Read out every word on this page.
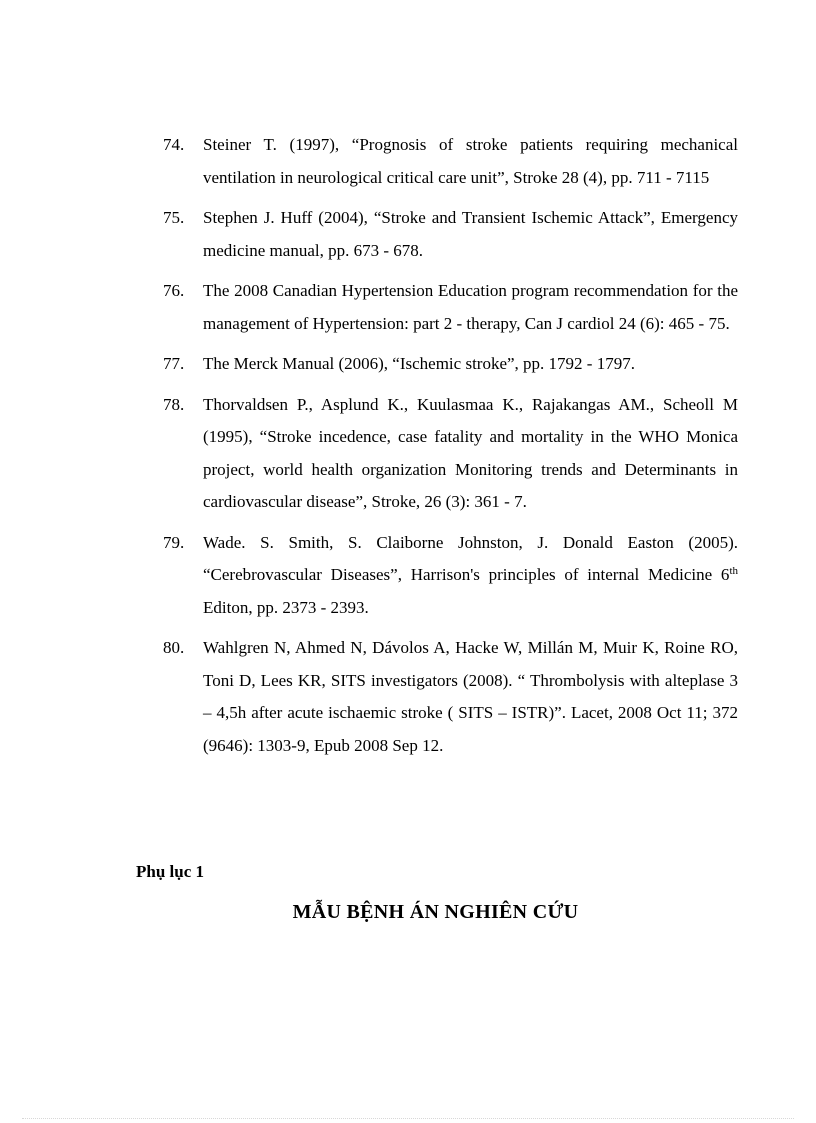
74.	Steiner T. (1997), “Prognosis of stroke patients requiring mechanical ventilation in neurological critical care unit”, Stroke 28 (4), pp. 711 - 7115
75.	Stephen J. Huff (2004), “Stroke and Transient Ischemic Attack”, Emergency medicine manual, pp. 673 - 678.
76.	The 2008 Canadian Hypertension Education program recommendation for the management of Hypertension: part 2 - therapy, Can J cardiol 24 (6): 465 - 75.
77.	The Merck Manual (2006), “Ischemic stroke”, pp. 1792 - 1797.
78.	Thorvaldsen P., Asplund K., Kuulasmaa K., Rajakangas AM., Scheoll M (1995), “Stroke incedence, case fatality and mortality in the WHO Monica project, world health organization Monitoring trends and Determinants in cardiovascular disease”, Stroke, 26 (3): 361 - 7.
79.	Wade. S. Smith, S. Claiborne Johnston, J. Donald Easton (2005). “Cerebrovascular Diseases”, Harrison's principles of internal Medicine 6th Editon, pp. 2373 - 2393.
80.	Wahlgren N, Ahmed N, Dávolos A, Hacke W, Millán M, Muir K, Roine RO, Toni D, Lees KR, SITS investigators (2008). “ Thrombolysis with alteplase 3 – 4,5h after acute ischaemic stroke ( SITS – ISTR)”. Lacet, 2008 Oct 11; 372 (9646): 1303-9, Epub 2008 Sep 12.

Phụ lục 1

MẪU BỆNH ÁN NGHIÊN CỨU
